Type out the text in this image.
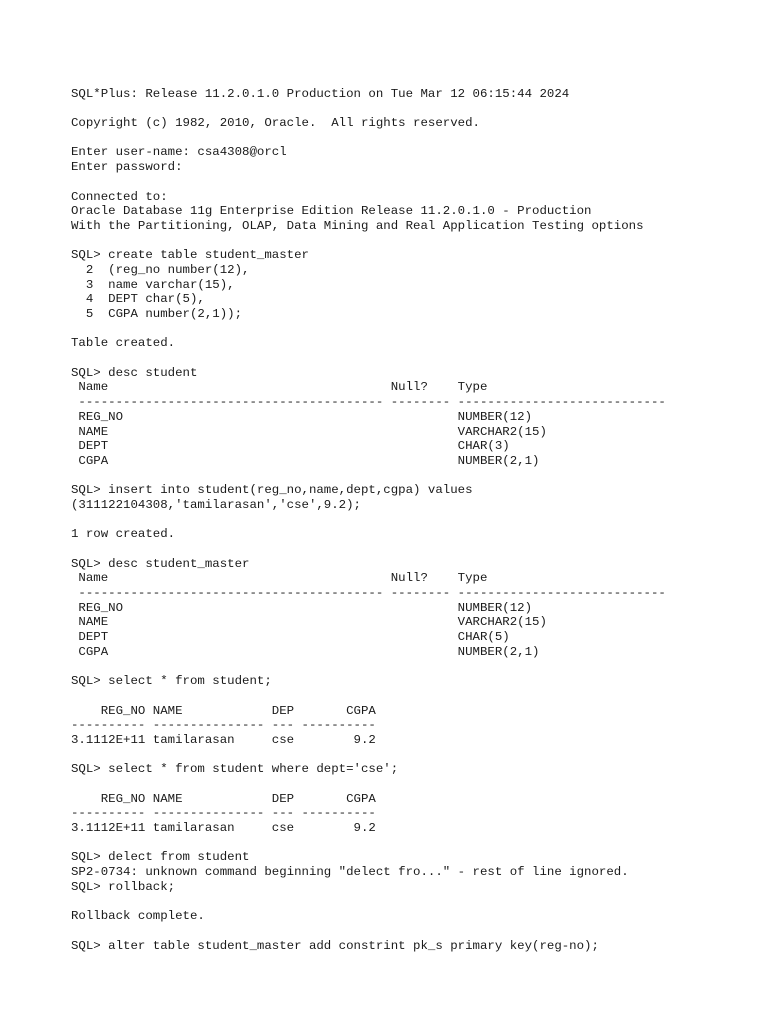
SQL*Plus: Release 11.2.0.1.0 Production on Tue Mar 12 06:15:44 2024
Copyright (c) 1982, 2010, Oracle.  All rights reserved.
Enter user-name: csa4308@orcl
Enter password:
Connected to:
Oracle Database 11g Enterprise Edition Release 11.2.0.1.0 - Production
With the Partitioning, OLAP, Data Mining and Real Application Testing options
SQL> create table student_master
2  (reg_no number(12),
3  name varchar(15),
4  DEPT char(5),
5  CGPA number(2,1));
Table created.
SQL> desc student
Name                                      Null?    Type
----------------------------------------- -------- ----------------------------
REG_NO                                             NUMBER(12)
NAME                                               VARCHAR2(15)
DEPT                                               CHAR(3)
CGPA                                               NUMBER(2,1)
SQL> insert into student(reg_no,name,dept,cgpa) values
(311122104308,'tamilarasan','cse',9.2);
1 row created.
SQL> desc student_master
Name                                      Null?    Type
----------------------------------------- -------- ----------------------------
REG_NO                                             NUMBER(12)
NAME                                               VARCHAR2(15)
DEPT                                               CHAR(5)
CGPA                                               NUMBER(2,1)
SQL> select * from student;
REG_NO NAME            DEP       CGPA
---------- --------------- --- ----------
3.1112E+11 tamilarasan     cse        9.2
SQL> select * from student where dept='cse';
REG_NO NAME            DEP       CGPA
---------- --------------- --- ----------
3.1112E+11 tamilarasan     cse        9.2
SQL> delect from student
SP2-0734: unknown command beginning "delect fro..." - rest of line ignored.
SQL> rollback;
Rollback complete.
SQL> alter table student_master add constrint pk_s primary key(reg-no);
